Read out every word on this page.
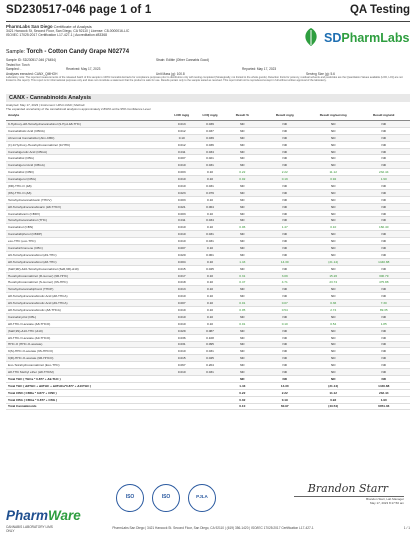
SD230517-046 page 1 of 1	QA Testing
PharmLabs San Diego Certificate of Analysis
3421 Hancock St, Second Floor, San Diego, CA 92110 | License: C8-0000016-LIC
ISO/IEC 17025:2017 Certification L17-427-1 | Accreditation #83368	SDPharmLabs
Sample: Torch - Cotton Candy Grape N02774
Sample ID: SD230517-046 (76454)	Strain: Edible (Other Cannabis Good)
Tested for: Torch
Sampled: -	Received: May 17, 2023	Reported: May 17, 2023
Analyses executed: CANX_QMHOH	Unit Mass (g): 100.8	Serving Size (g): 5.6
Laboratory note: The reported measurements of the released batch of this sample is 100% Cannabis Extracts for compliance purposes prior to distribution only with testing completed (Strategically, not limited to the whole goods). Detection limits for potency, residual solvents and pesticides are the Quantitation Values available (LOD, LOQ are not limited to this report). This report is for informational purposes only and does not constitute a statement that the product is safe for use. Results pertain only to the sample tested as received. This report shall not be reproduced except in full without written approval of the laboratory.
CANX - Cannabinoids Analysis
Analyzed: May 17, 2023 | Instrument: HPLC-DAD | Method:
The expanded uncertainty of the cannabinoid analysis is approximately 2.893% at the 95% Confidence Level
Analyte	LOD mg/g	LOQ mg/g	Result %	Result mg/g	Result mg/serving	Result mg/unit
9-Hydroxy-Δ8-Tetrahydrocannabinol (9-Hyd-Δ8-THC)	0.013	0.039	ND	ND	ND	ND
Cannabidiolic Acid (CBDA)	0.012	0.037	ND	ND	ND	ND
Abnormal Cannabidiol (Abn-CBD)	0.10	0.039	ND	ND	ND	ND
(±)-9-Hydroxy-Hexahydrocannabinol (9-HHC)	0.012	0.036	ND	ND	ND	ND
Cannabigerolic Acid (CBGA)	0.011	0.034	ND	ND	ND	ND
Cannabidiol (CBG)	0.007	0.021	ND	ND	ND	ND
Cannabigerol Acid (CBGA)	0.010	0.031	ND	ND	ND	ND
Cannabidiol (CBD)	0.003	0.10	0.22	2.22	11.12	232.44
Cannabigerol (CBG)	0.010	0.10	0.02	0.19	0.92	1.90
(8R)-THC-O (Δ8)	0.010	0.031	ND	ND	ND	ND
(8S)-THC-O (Δ8)	0.023	0.079	ND	ND	ND	ND
Tetrahydrocannabivarin (THCV)	0.003	0.10	ND	ND	ND	ND
Δ8-Tetrahydrocannabivarin (Δ8-THCV)	0.021	0.064	ND	ND	ND	ND
Cannabidivarin (CBDV)	0.003	0.10	ND	ND	ND	ND
Tetrahydrocannabinol (THC)	0.011	0.034	ND	ND	ND	ND
Cannabinol (CBN)	0.010	0.10	0.06	1.47	0.10	160.40
Cannabidiphorol (CBDP)	0.010	0.031	ND	ND	ND	ND
exo-THC (exo-THC)	0.010	0.031	ND	ND	ND	ND
Cannabichromene (CBC)	0.007	0.10	ND	ND	ND	ND
Δ9-Tetrahydrocannabinol (Δ9-THC)	0.020	0.061	ND	ND	ND	ND
Δ8-Tetrahydrocannabinol (Δ8-THC)	0.004	0.10	1.43	14.30	(21.14)	1440.88
(6aR,9R)-Δ10-Tetrahydrocannabinol (6aR,9R)-Δ10)	0.015	0.045	ND	ND	ND	ND
Hexahydrocannabinol (R-isomer) (9R-HHC)	0.017	0.10	0.31	3.09	15.26	300.79
Hexahydrocannabinol (S-isomer) (9S-HHC)	0.018	0.10	0.47	4.71	23.74	475.88
Tetrahydrocannabiphorol (THCP)	0.013	0.10	ND	ND	ND	ND
Δ8-Tetrahydrocannabinolic Acid (Δ8-THCA)	0.010	0.10	ND	ND	ND	ND
Δ9-Tetrahydrocannabinolic Acid (Δ9-THCA)	0.007	0.10	0.01	0.07	0.36	7.30
Δ8-Tetrahydrocannabinolic (Δ8-THCA)	0.019	0.10	0.05	0.54	2.74	89.35
Cannabicyclol (CBL)	0.010	0.10	ND	ND	ND	ND
Δ8-THC-O-acetate (Δ8-THCO)	0.010	0.10	0.01	0.10	0.54	1.85
(6aR,9S)-Δ10-THC (Δ10)	0.029	0.087	ND	ND	ND	ND
Δ9-THC-O-acetate (Δ9-THCO)	0.036	0.108	ND	ND	ND	ND
HHC-O (HHC-O-acetate)	0.031	0.095	ND	ND	ND	ND
9(S)-HHC-O-acetate (9S-HHCO)	0.010	0.031	ND	ND	ND	ND
9(R)-HHC-O-acetate (9R-HHCO)	0.015	0.045	ND	ND	ND	ND
Exo-Tetrahydrocannabinol (Exo-THC)	0.067	0.204	ND	ND	ND	ND
Δ8-THC Methyl ether (Δ8-THCM)	0.010	0.031	ND	ND	ND	ND
Total THC ( THCa * 0.877 + Δ9-THC )			ND	ND	ND	ND
Total THC ( Δ8THC + Δ9THC + Δ9THCa*0.877 + Δ10THC )			1.43	14.30	(21.14)	1440.88
Total CBD ( CBDa * 0.877 + CBD )			0.22	2.22	11.12	232.44
Total CBG ( CBGa * 0.877 + CBG )			0.02	0.19	0.92	1.90
Total Cannabinoids			6.10	60.97	(43.54)	6051.36
ISO	ISO	PJLA
Brandon Starr
Brandon Starr, Lab Manager
May 17, 2023 8:17:50 am
PharmWare
CANNABIS LABORATORY LIMS ONLY
PharmLabs San Diego | 3421 Hancock St. Second Floor, San Diego, CA 92110 | (619) 356-1420 | ISO/IEC 17025:2017 Certification L17-427-1	1 / 1
